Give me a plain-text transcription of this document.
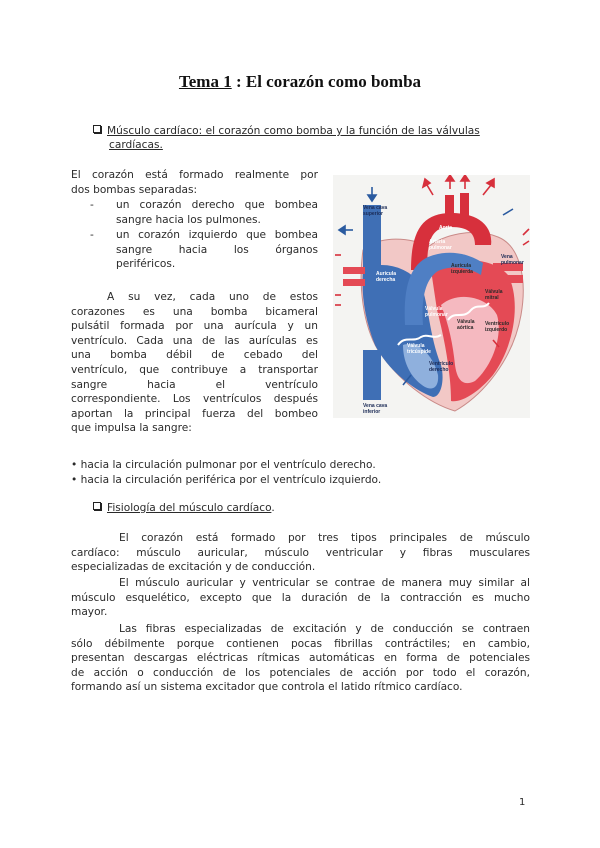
Tema 1 : El corazón como bomba
Músculo cardíaco: el corazón como bomba y la función de las válvulas
cardíacas.
El corazón está formado realmente por
dos bombas separadas:
- un corazón derecho que bombea
sangre hacia los pulmones.
- un corazón izquierdo que bombea
sangre hacia los órganos
periféricos.
A su vez, cada uno de estos
corazones es una bomba bicameral
pulsátil formada por una aurícula y un
ventrículo. Cada una de las aurículas es
una bomba débil de cebado del
ventrículo, que contribuye a transportar
sangre hacia el ventrículo
correspondiente. Los ventrículos después
aportan la principal fuerza del bombeo
que impulsa la sangre:
• hacia la circulación pulmonar por el ventrículo derecho.
• hacia la circulación periférica por el ventrículo izquierdo.
Fisiología del músculo cardíaco.
El corazón está formado por tres tipos principales de músculo
cardíaco: músculo auricular, músculo ventricular y fibras musculares
especializadas de excitación y de conducción.
El músculo auricular y ventricular se contrae de manera muy similar al
músculo esquelético, excepto que la duración de la contracción es mucho
mayor.
Las fibras especializadas de excitación y de conducción se contraen
sólo débilmente porque contienen pocas fibrillas contráctiles; en cambio,
presentan descargas eléctricas rítmicas automáticas en forma de potenciales
de acción o conducción de los potenciales de acción por todo el corazón,
formando así un sistema excitador que controla el latido rítmico cardíaco.
Vena cava
superior
Aorta
Arteria
pulmonar
Aurícula
izquierda
Vena
pulmonar
Aurícula
derecha
Válvula
mitral
Válvula
pulmonar
Válvula
aórtica
Ventrículo
izquierdo
Válvula
tricúspide
Ventrículo
derecho
Vena cava
inferior
1
